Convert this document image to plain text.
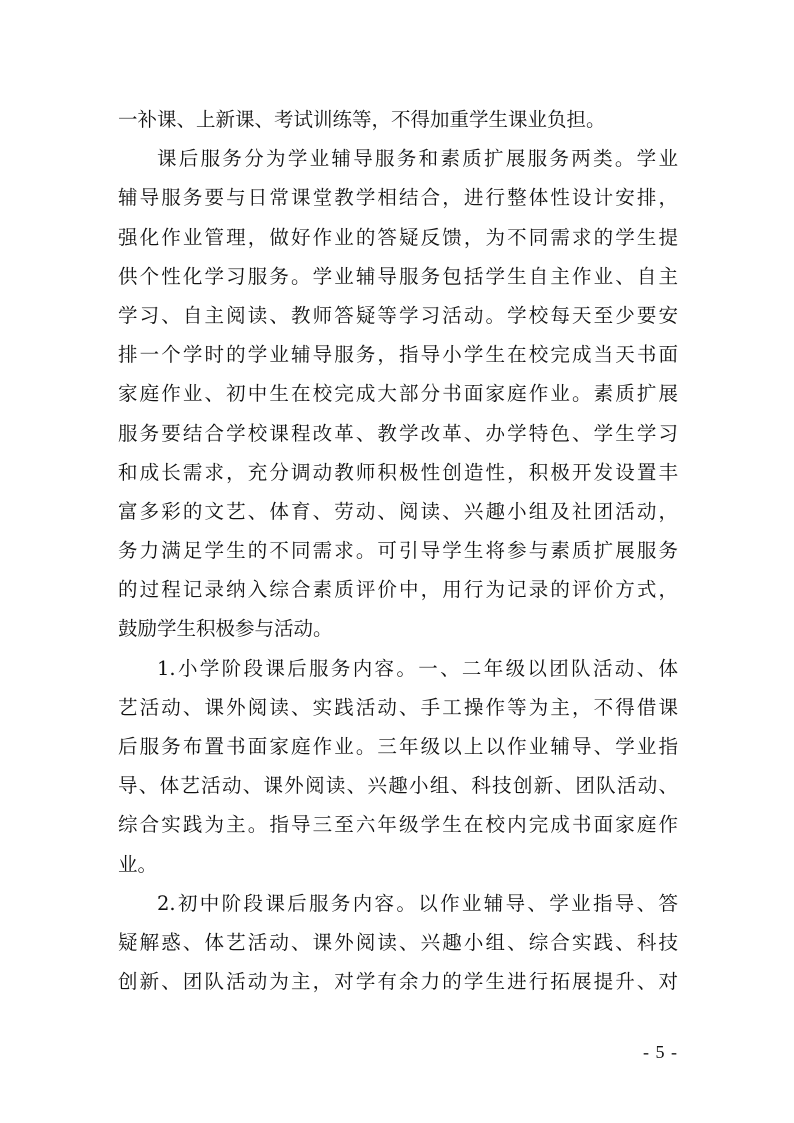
一补课、上新课、考试训练等，不得加重学生课业负担。
课后服务分为学业辅导服务和素质扩展服务两类。学业
辅导服务要与日常课堂教学相结合，进行整体性设计安排，
强化作业管理，做好作业的答疑反馈，为不同需求的学生提
供个性化学习服务。学业辅导服务包括学生自主作业、自主
学习、自主阅读、教师答疑等学习活动。学校每天至少要安
排一个学时的学业辅导服务，指导小学生在校完成当天书面
家庭作业、初中生在校完成大部分书面家庭作业。素质扩展
服务要结合学校课程改革、教学改革、办学特色、学生学习
和成长需求，充分调动教师积极性创造性，积极开发设置丰
富多彩的文艺、体育、劳动、阅读、兴趣小组及社团活动，
务力满足学生的不同需求。可引导学生将参与素质扩展服务
的过程记录纳入综合素质评价中，用行为记录的评价方式，
鼓励学生积极参与活动。
1.小学阶段课后服务内容。一、二年级以团队活动、体
艺活动、课外阅读、实践活动、手工操作等为主，不得借课
后服务布置书面家庭作业。三年级以上以作业辅导、学业指
导、体艺活动、课外阅读、兴趣小组、科技创新、团队活动、
综合实践为主。指导三至六年级学生在校内完成书面家庭作
业。
2.初中阶段课后服务内容。以作业辅导、学业指导、答
疑解惑、体艺活动、课外阅读、兴趣小组、综合实践、科技
创新、团队活动为主，对学有余力的学生进行拓展提升、对
- 5 -
